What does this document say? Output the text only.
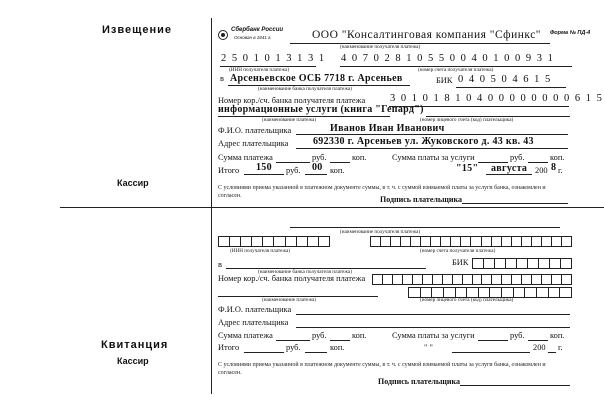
Извещение
Кассир
Квитанция
Кассир
Сбербанк России
Основан в 1841 г.	ООО "Консалтинговая компания "Сфинкс" Форма № ПД-4
(наименование получателя платежа)
2 5 0 1 0 1 3 1 3 1 4 0 7 0 2 8 1 0 5 5 0 0 4 0 1 0 0 9 3 1
(ИНН получателя платежа)	(номер счета получателя платежа)
в Арсеньевское ОСБ 7718 г. Арсеньев	БИК 0 4 0 5 0 4 6 1 5
(наименование банка получателя платежа)
Номер кор./сч. банка получателя платежа 3 0 1 0 1 8 1 0 4 0 0 0 0 0 0 0 0 6 1 5
информационные услуги (книга "Гепард")
(наименование платежа)	(номер лицевого счета (код) плательщика)
Ф.И.О. плательщика	Иванов Иван Иванович
Адрес плательщика 692330 г. Арсеньев ул. Жуковского д. 43 кв. 43
Сумма платежа	руб.	коп.	Сумма платы за услуги	руб.	коп.
Итого 150 руб. 00 коп.	"15" августа 200 8 г.
С условиями приема указанной в платежном документе суммы, в т. ч. с суммой взимаемой платы за услуги банка, ознакомлен и согласен.	Подпись плательщика
(наименование получателя платежа)
(ИНН получателя платежа)	(номер счета получателя платежа)
в	БИК
(наименование банка получателя платежа)
Номер кор./сч. банка получателя платежа
(наименование платежа)	(номер лицевого счета (код) плательщика)
Ф.И.О. плательщика
Адрес плательщика
Сумма платежа	руб.	коп.	Сумма платы за услуги	руб.	коп.
Итого	руб.	коп.	" "	200 г.
С условиями приема указанной в платежном документе суммы, в т. ч. с суммой взимаемой платы за услуги банка, ознакомлен и согласен.
Подпись плательщика
